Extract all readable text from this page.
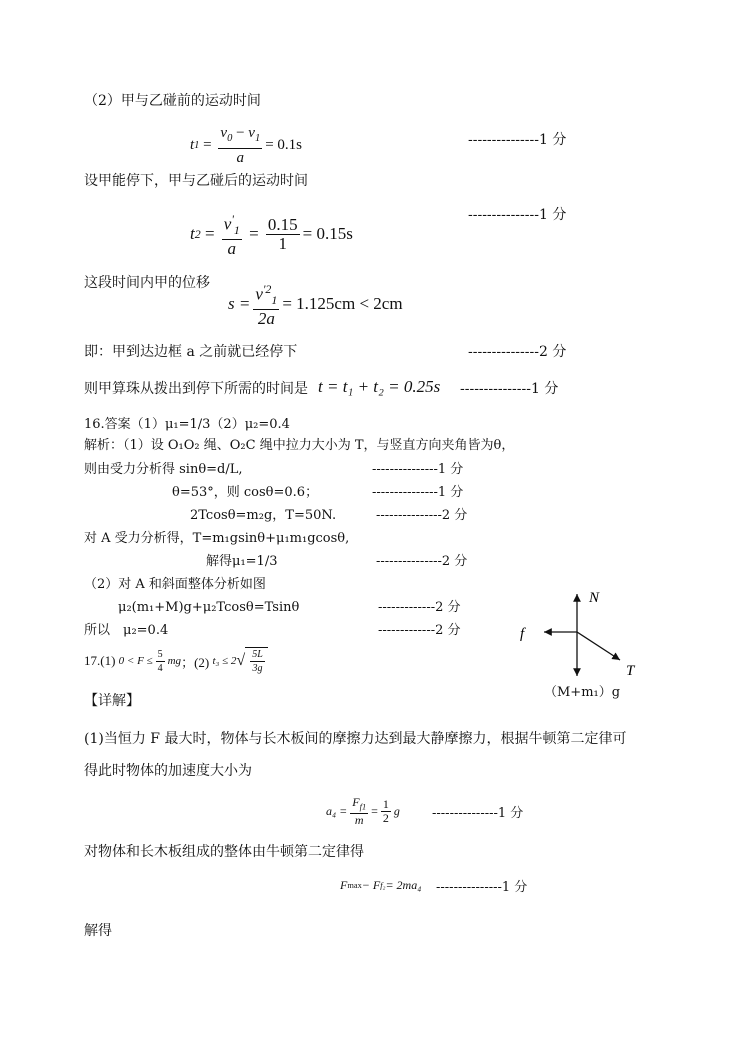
（2）甲与乙碰前的运动时间
t $1 = \frac{v_0 - v_1}{a} = 0.1s$	---------------1 分
设甲能停下，甲与乙碰后的运动时间
---------------1 分
t $2 = \frac{v'_1}{a} = \frac{0.15}{1} = 0.15s$
这段时间内甲的位移
$s = \frac{v^{'2}_1}{2a} = 1.125cm < 2cm$
即：甲到达边框 a 之前就已经停下	---------------2 分
则甲算珠从拨出到停下所需的时间是 t = t₁ + t₂ = 0.25s ---------------1 分
16.答案（1）μ₁=1/3（2）μ₂=0.4
解析：（1）设 O₁O₂ 绳、O₂C 绳中拉力大小为 T，与竖直方向夹角皆为θ，
则由受力分析得 sinθ=d/L,	---------------1 分
θ=53°，则 cosθ=0.6；	---------------1 分
2Tcosθ=m₂g，T=50N.	---------------2 分
对 A 受力分析得，T=m₁gsinθ+μ₁m₁gcosθ,
解得μ₁=1/3	---------------2 分
（2）对 A 和斜面整体分析如图
μ₂(m₁+M)g+μ₂Tcosθ=Tsinθ	-------------2 分
所以　μ₂=0.4	-------------2 分
N
f
T
（M+m₁）g
17.(1)
$0 < F \le \frac{5}{4}$ mg ；(2)
t₃ ≤ 2 √ $\frac{5L}{3g}$
【详解】
(1)当恒力 F 最大时，物体与长木板间的摩擦力达到最大静摩擦力，根据牛顿第二定律可
得此时物体的加速度大小为
$a_4 = \frac{F_{f1}}{m} = \frac{1}{2}$ g ---------------1 分
对物体和长木板组成的整体由牛顿第二定律得
F max − F f₂ = 2ma₄ ---------------1 分
解得
